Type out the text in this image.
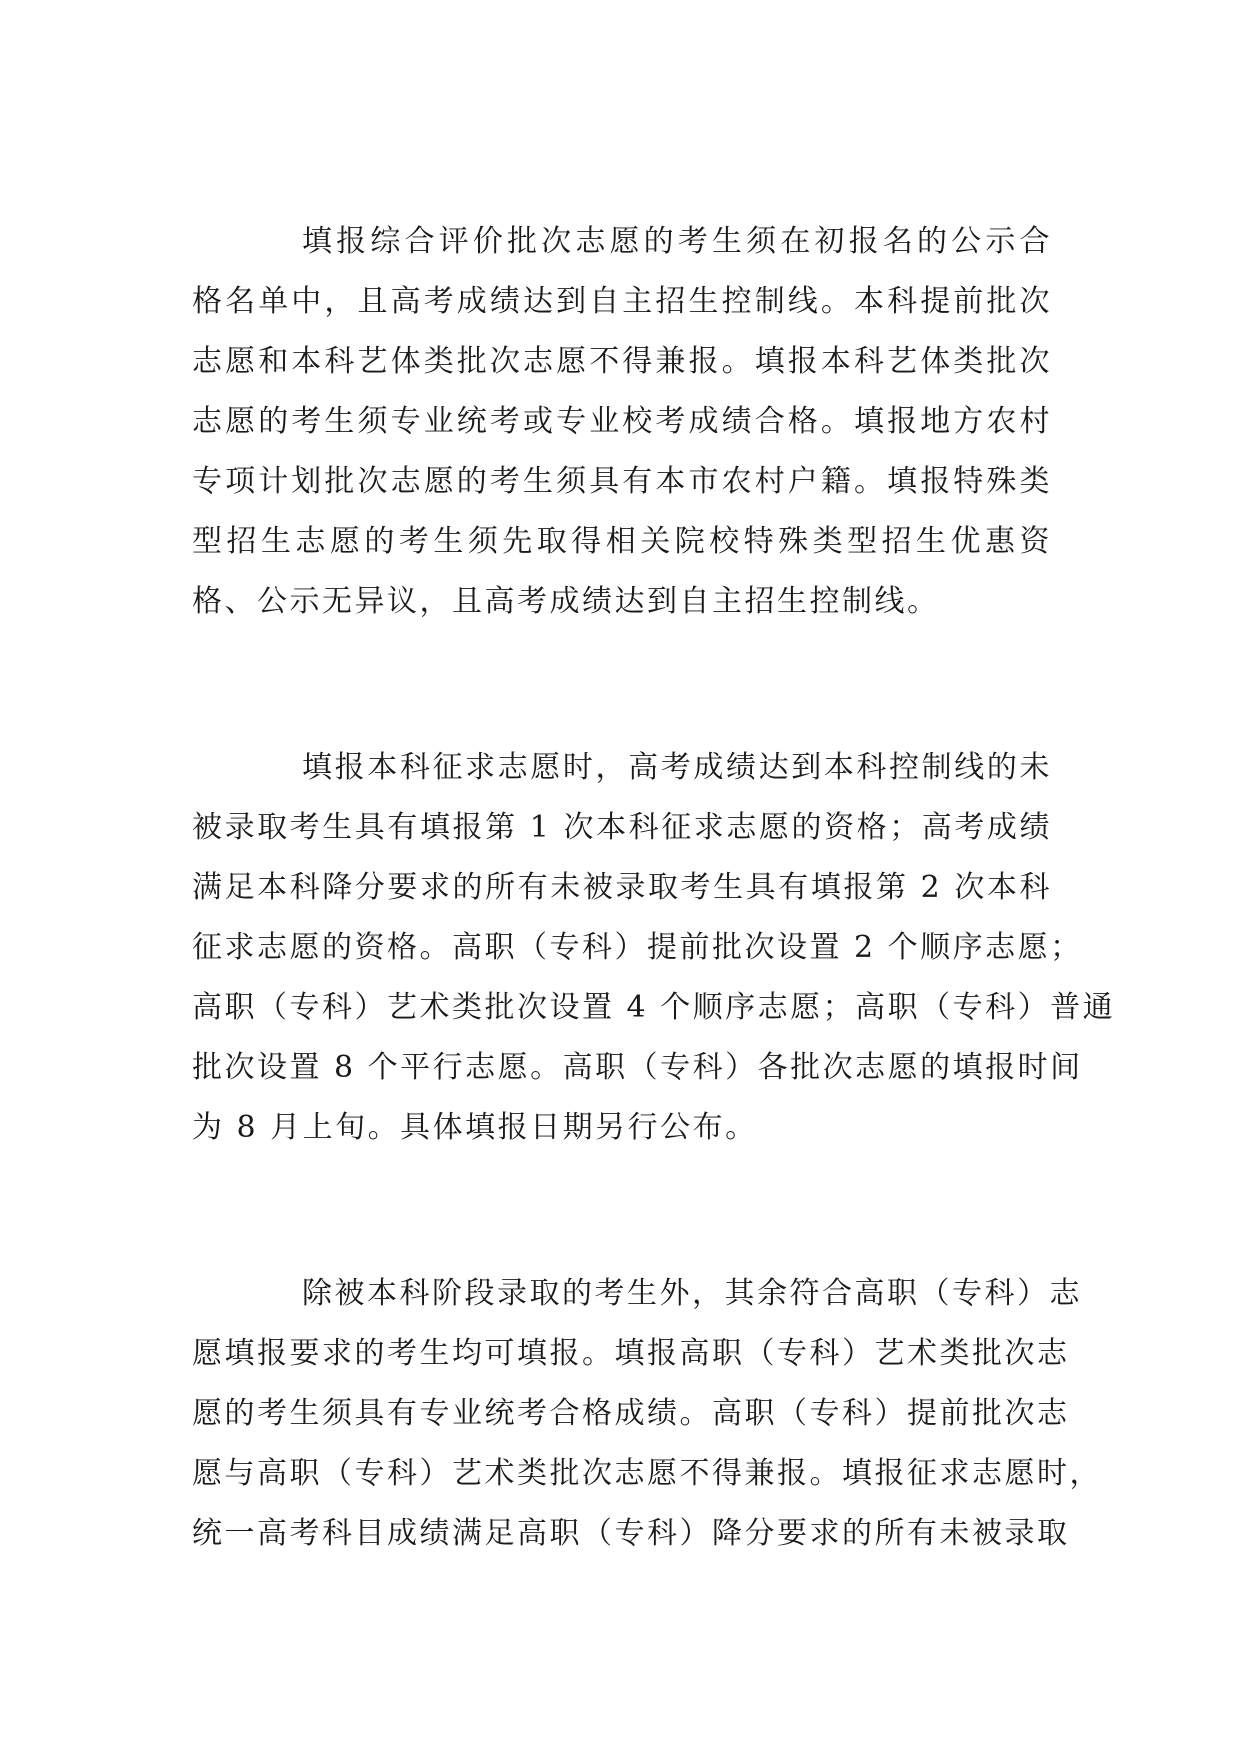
填报综合评价批次志愿的考生须在初报名的公示合
格名单中，且高考成绩达到自主招生控制线。本科提前批次
志愿和本科艺体类批次志愿不得兼报。填报本科艺体类批次
志愿的考生须专业统考或专业校考成绩合格。填报地方农村
专项计划批次志愿的考生须具有本市农村户籍。填报特殊类
型招生志愿的考生须先取得相关院校特殊类型招生优惠资
格、公示无异议，且高考成绩达到自主招生控制线。
填报本科征求志愿时，高考成绩达到本科控制线的未
被录取考生具有填报第 1 次本科征求志愿的资格；高考成绩
满足本科降分要求的所有未被录取考生具有填报第 2 次本科
征求志愿的资格。高职（专科）提前批次设置 2 个顺序志愿；
高职（专科）艺术类批次设置 4 个顺序志愿；高职（专科）普通
批次设置 8 个平行志愿。高职（专科）各批次志愿的填报时间
为 8 月上旬。具体填报日期另行公布。
除被本科阶段录取的考生外，其余符合高职（专科）志
愿填报要求的考生均可填报。填报高职（专科）艺术类批次志
愿的考生须具有专业统考合格成绩。高职（专科）提前批次志
愿与高职（专科）艺术类批次志愿不得兼报。填报征求志愿时，
统一高考科目成绩满足高职（专科）降分要求的所有未被录取
